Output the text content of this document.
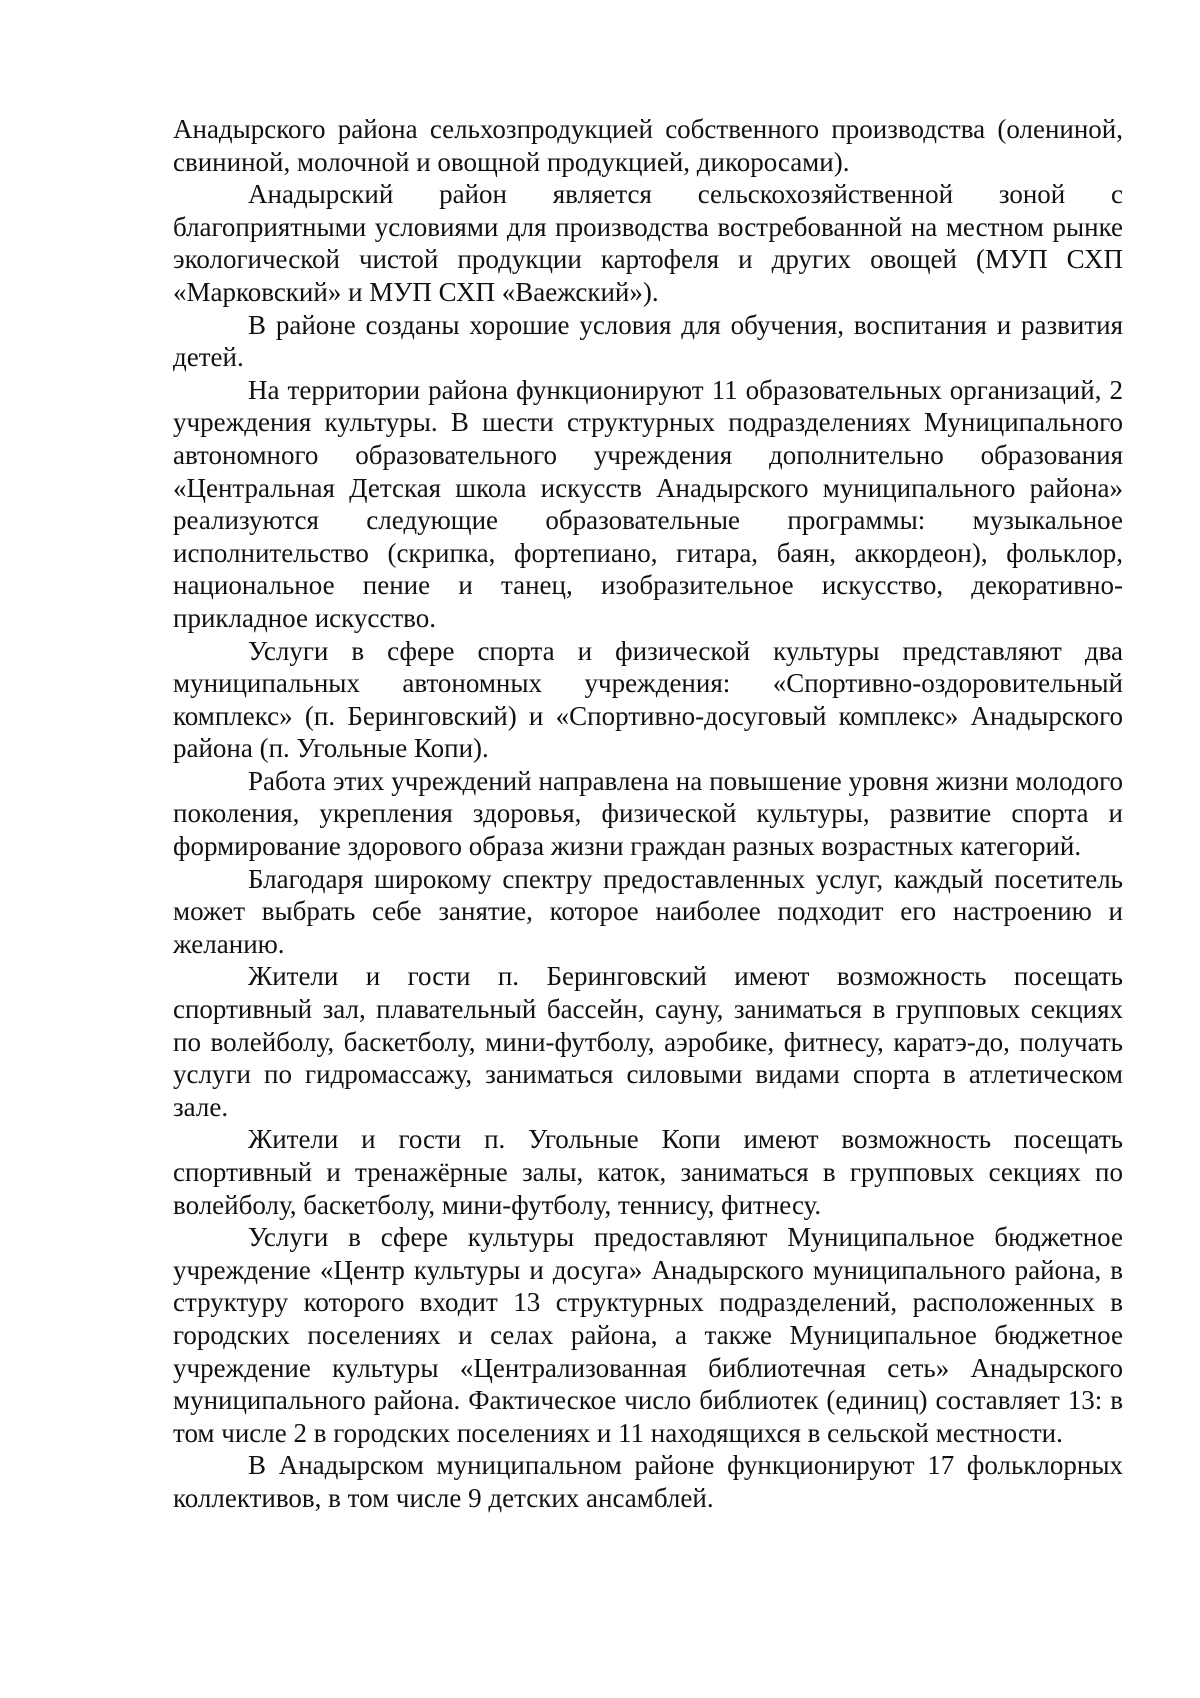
Анадырского района сельхозпродукцией собственного производства (олениной, свининой, молочной и овощной продукцией, дикоросами).

Анадырский район является сельскохозяйственной зоной с благоприятными условиями для производства востребованной на местном рынке экологической чистой продукции картофеля и других овощей (МУП СХП «Марковский» и МУП СХП «Ваежский»).

В районе созданы хорошие условия для обучения, воспитания и развития детей.

На территории района функционируют 11 образовательных организаций, 2 учреждения культуры. В шести структурных подразделениях Муниципального автономного образовательного учреждения дополнительно образования «Центральная Детская школа искусств Анадырского муниципального района» реализуются следующие образовательные программы: музыкальное исполнительство (скрипка, фортепиано, гитара, баян, аккордеон), фольклор, национальное пение и танец, изобразительное искусство, декоративно-прикладное искусство.

Услуги в сфере спорта и физической культуры представляют два муниципальных автономных учреждения: «Спортивно-оздоровительный комплекс» (п. Беринговский) и «Спортивно-досуговый комплекс» Анадырского района (п. Угольные Копи).

Работа этих учреждений направлена на повышение уровня жизни молодого поколения, укрепления здоровья, физической культуры, развитие спорта и формирование здорового образа жизни граждан разных возрастных категорий.

Благодаря широкому спектру предоставленных услуг, каждый посетитель может выбрать себе занятие, которое наиболее подходит его настроению и желанию.

Жители и гости п. Беринговский имеют возможность посещать спортивный зал, плавательный бассейн, сауну, заниматься в групповых секциях по волейболу, баскетболу, мини-футболу, аэробике, фитнесу, каратэ-до, получать услуги по гидромассажу, заниматься силовыми видами спорта в атлетическом зале.

Жители и гости п. Угольные Копи имеют возможность посещать спортивный и тренажёрные залы, каток, заниматься в групповых секциях по волейболу, баскетболу, мини-футболу, теннису, фитнесу.

Услуги в сфере культуры предоставляют Муниципальное бюджетное учреждение «Центр культуры и досуга» Анадырского муниципального района, в структуру которого входит 13 структурных подразделений, расположенных в городских поселениях и селах района, а также Муниципальное бюджетное учреждение культуры «Централизованная библиотечная сеть» Анадырского муниципального района. Фактическое число библиотек (единиц) составляет 13: в том числе 2 в городских поселениях и 11 находящихся в сельской местности.

В Анадырском муниципальном районе функционируют 17 фольклорных коллективов, в том числе 9 детских ансамблей.
